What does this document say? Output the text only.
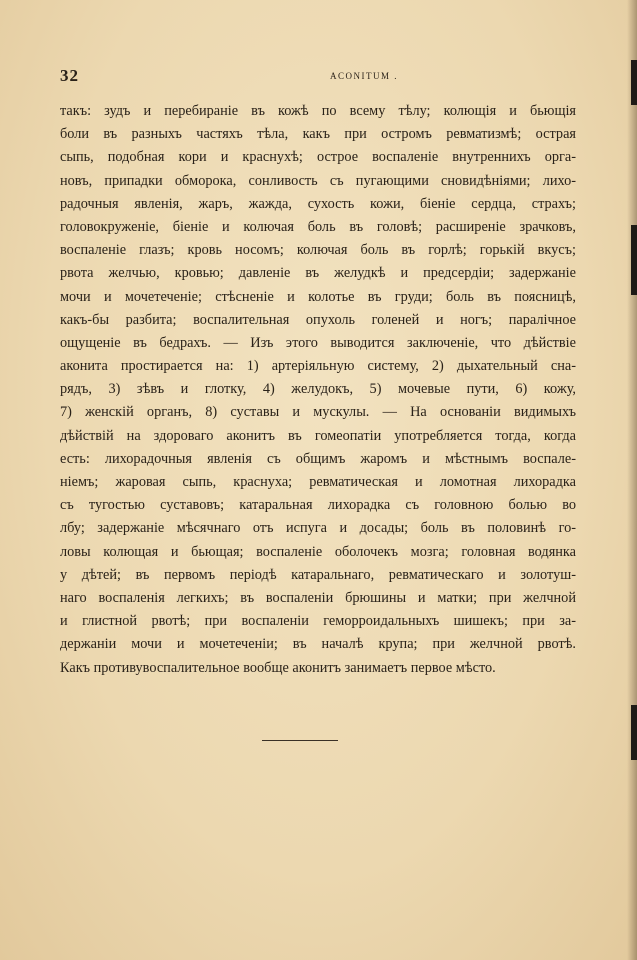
32	ACONITUM .
такъ: зудъ и перебиранiе въ кожѣ по всему тѣлу; колющiя и бьющiя
боли въ разныхъ частяхъ тѣла, какъ при остромъ ревматизмѣ; острая
сыпь, подобная кори и краснухѣ; острое воспаленiе внутреннихъ орга-
новъ, припадки обморока, сонливость съ пугающими сновидѣнiями; лихо-
радочныя явленiя, жаръ, жажда, сухость кожи, бiенiе сердца, страхъ;
головокруженiе, бiенiе и колючая боль въ головѣ; расширенiе зрачковъ,
воспаленiе глазъ; кровь носомъ; колючая боль въ горлѣ; горькiй вкусъ;
рвота желчью, кровью; давленiе въ желудкѣ и предсердiи; задержанiе
мочи и мочетеченiе; стѣсненiе и колотье въ груди; боль въ поясницѣ,
какъ-бы разбита; воспалительная опухоль голеней и ногъ; паралічное
ощущенiе въ бедрахъ. — Изъ этого выводится заключенiе, что дѣйствiе
аконита простирается на: 1) артерiяльную систему, 2) дыхательный сна-
рядъ, 3) зѣвъ и глотку, 4) желудокъ, 5) мочевые пути, 6) кожу,
7) женскiй органъ, 8) суставы и мускулы. — На основанiи видимыхъ
дѣйствiй на здороваго аконитъ въ гомеопатiи употребляется тогда, когда
есть: лихорадочныя явленiя съ общимъ жаромъ и мѣстнымъ воспале-
нiемъ; жаровая сыпь, краснуха; ревматическая и ломотная лихорадка
съ тугостью суставовъ; катаральная лихорадка съ головною болью во
лбу; задержанiе мѣсячнаго отъ испуга и досады; боль въ половинѣ го-
ловы колющая и бьющая; воспаленiе оболочекъ мозга; головная водянка
у дѣтей; въ первомъ перiодѣ катаральнаго, ревматическаго и золотуш-
наго воспаленiя легкихъ; въ воспаленiи брюшины и матки; при желчной
и глистной рвотѣ; при воспаленiи геморроидальныхъ шишекъ; при за-
держанiи мочи и мочетеченiи; въ началѣ крупа; при желчной рвотѣ.
Какъ противувоспалительное вообще аконитъ занимаетъ первое мѣсто.
